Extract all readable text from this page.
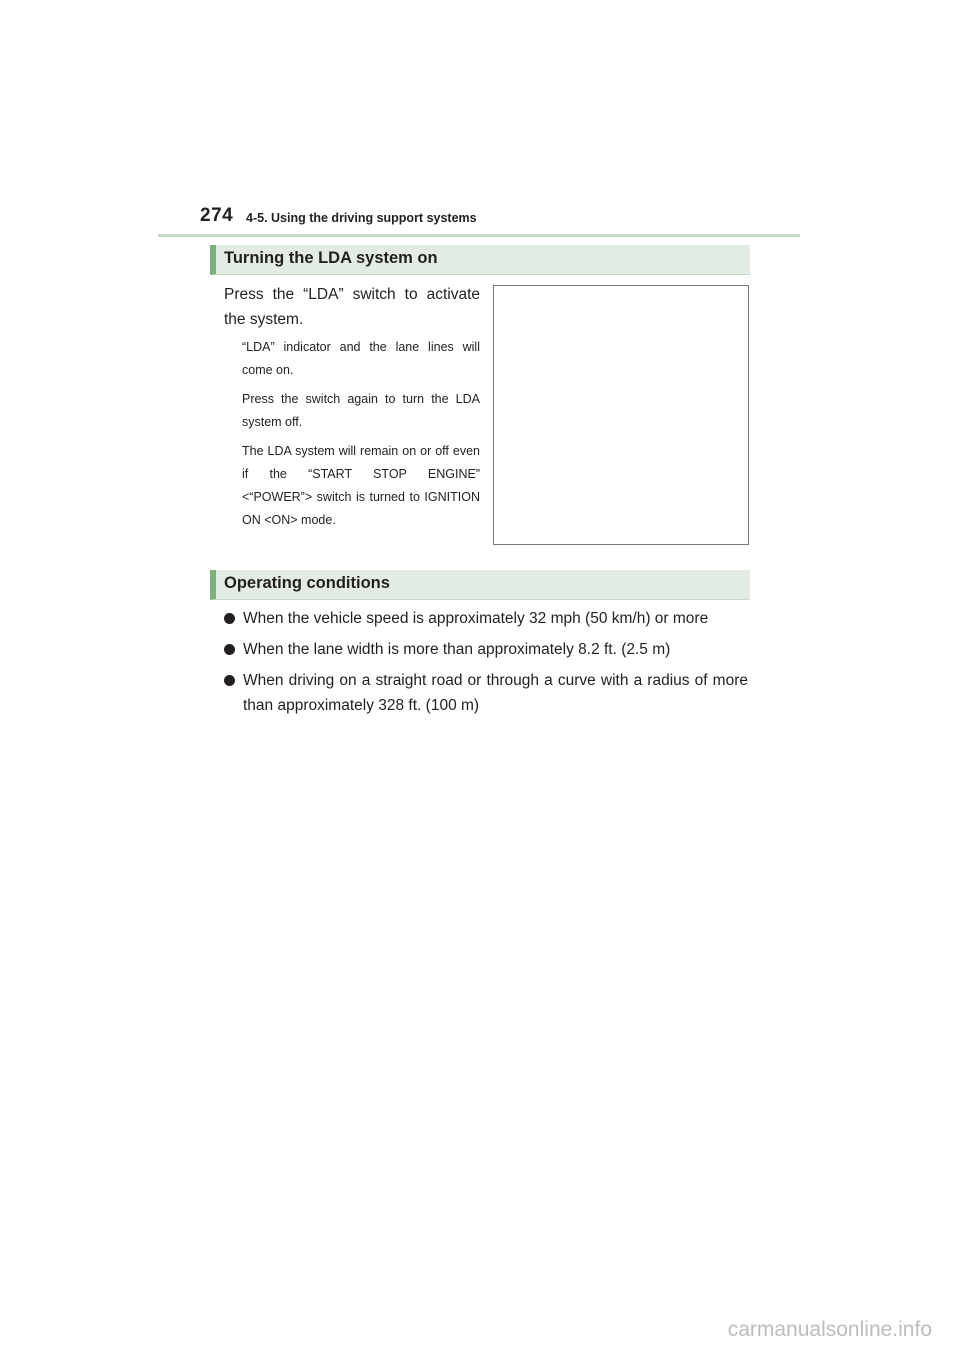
274 4-5. Using the driving support systems
Turning the LDA system on

Press the “LDA” switch to activate the system.

“LDA” indicator and the lane lines will come on.

Press the switch again to turn the LDA system off.

The LDA system will remain on or off even if the “START STOP ENGINE” <“POWER”> switch is turned to IGNITION ON <ON> mode.

Operating conditions
When the vehicle speed is approximately 32 mph (50 km/h) or more
When the lane width is more than approximately 8.2 ft. (2.5 m)
When driving on a straight road or through a curve with a radius of more than approximately 328 ft. (100 m)
carmanualsonline.info
